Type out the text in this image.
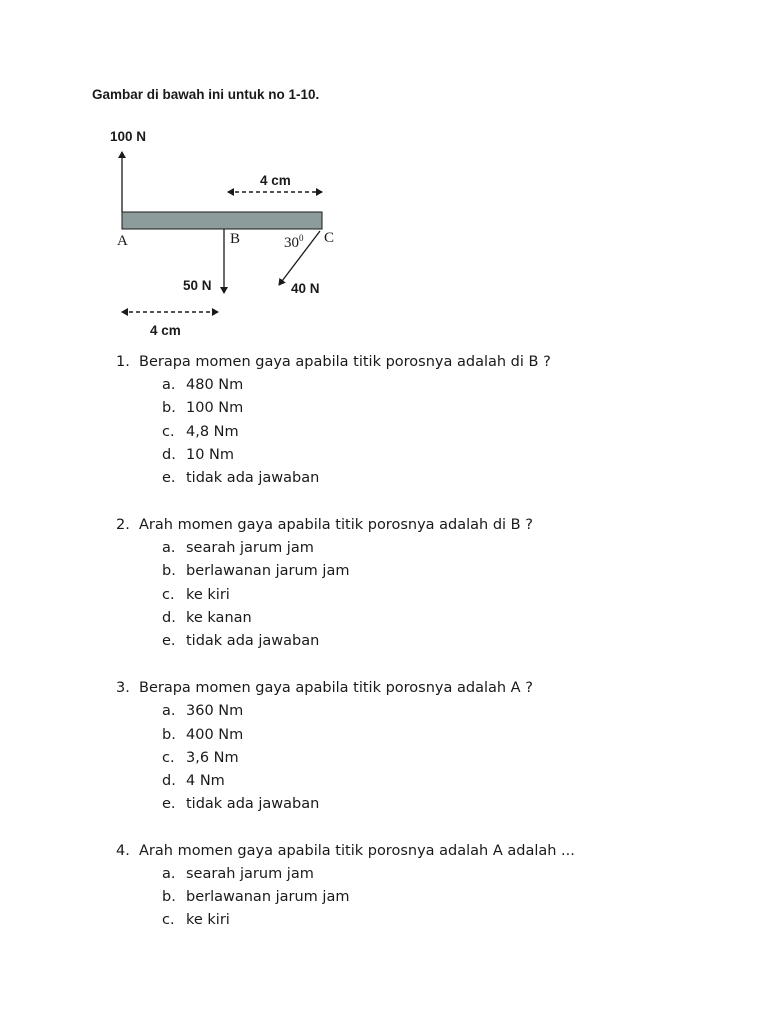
Gambar di bawah ini untuk no 1-10.
100 N
4 cm
A	B	C
$30^0$
50 N	40 N
4 cm
1. Berapa momen gaya apabila titik porosnya adalah di B ?
a. 480 Nm
b. 100 Nm
c. 4,8 Nm
d. 10 Nm
e. tidak ada jawaban
2. Arah momen gaya apabila titik porosnya adalah di B ?
a. searah jarum jam
b. berlawanan jarum jam
c. ke kiri
d. ke kanan
e. tidak ada jawaban
3. Berapa momen gaya apabila titik porosnya adalah A ?
a. 360 Nm
b. 400 Nm
c. 3,6 Nm
d. 4 Nm
e. tidak ada jawaban
4. Arah momen gaya apabila titik porosnya adalah A adalah ...
a. searah jarum jam
b. berlawanan jarum jam
c. ke kiri
